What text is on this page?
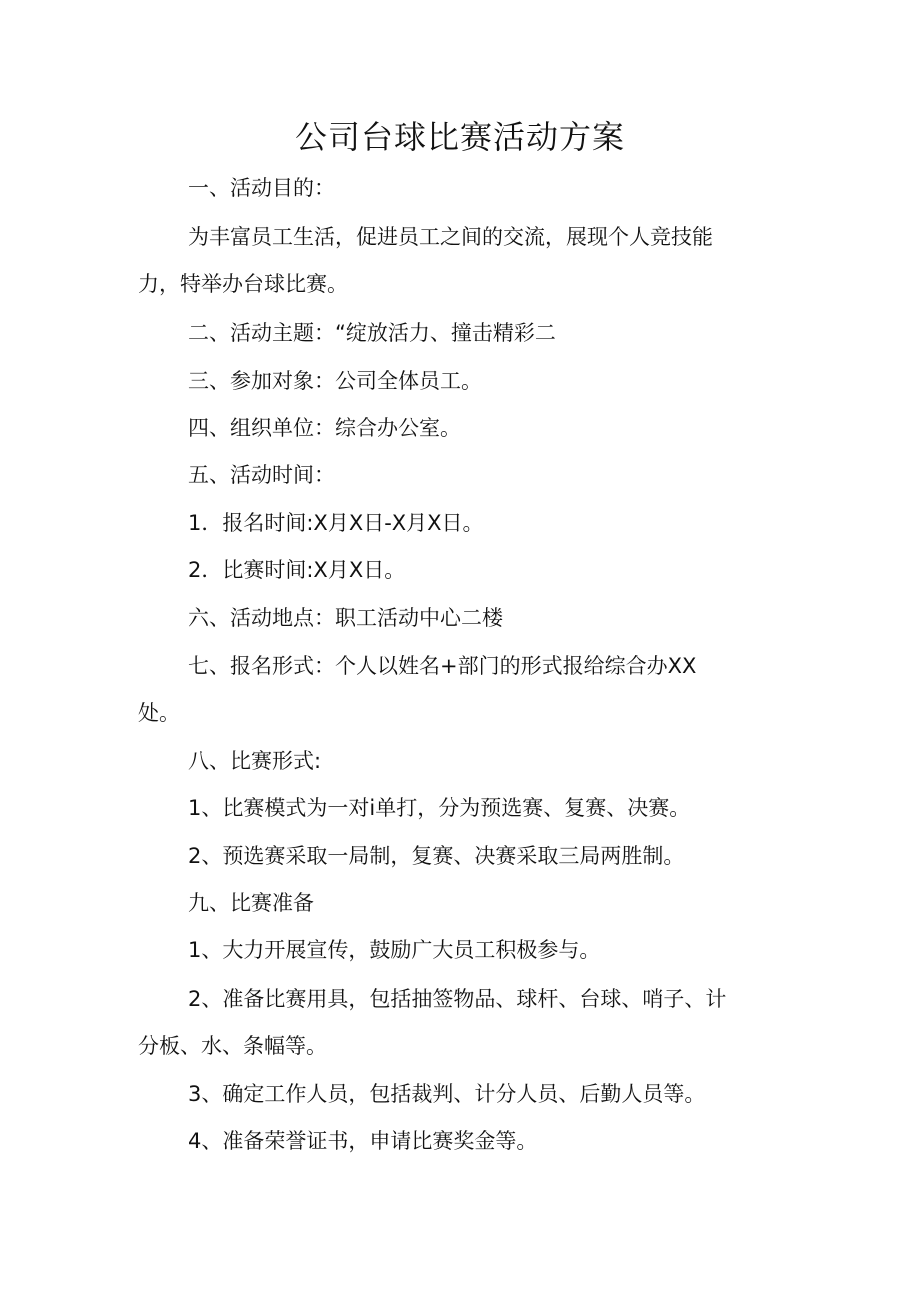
公司台球比赛活动方案
一、活动目的：
为丰富员工生活，促进员工之间的交流，展现个人竞技能
力，特举办台球比赛。
二、活动主题：“绽放活力、撞击精彩二
三、参加对象：公司全体员工。
四、组织单位：综合办公室。
五、活动时间：
1．报名时间:X月X日-X月X日。
2．比赛时间:X月X日。
六、活动地点：职工活动中心二楼
七、报名形式：个人以姓名+部门的形式报给综合办XX
处。
八、比赛形式:
1、比赛模式为一对i单打，分为预选赛、复赛、决赛。
2、预选赛采取一局制，复赛、决赛采取三局两胜制。
九、比赛准备
1、大力开展宣传，鼓励广大员工积极参与。
2、准备比赛用具，包括抽签物品、球杆、台球、哨子、计
分板、水、条幅等。
3、确定工作人员，包括裁判、计分人员、后勤人员等。
4、准备荣誉证书，申请比赛奖金等。
